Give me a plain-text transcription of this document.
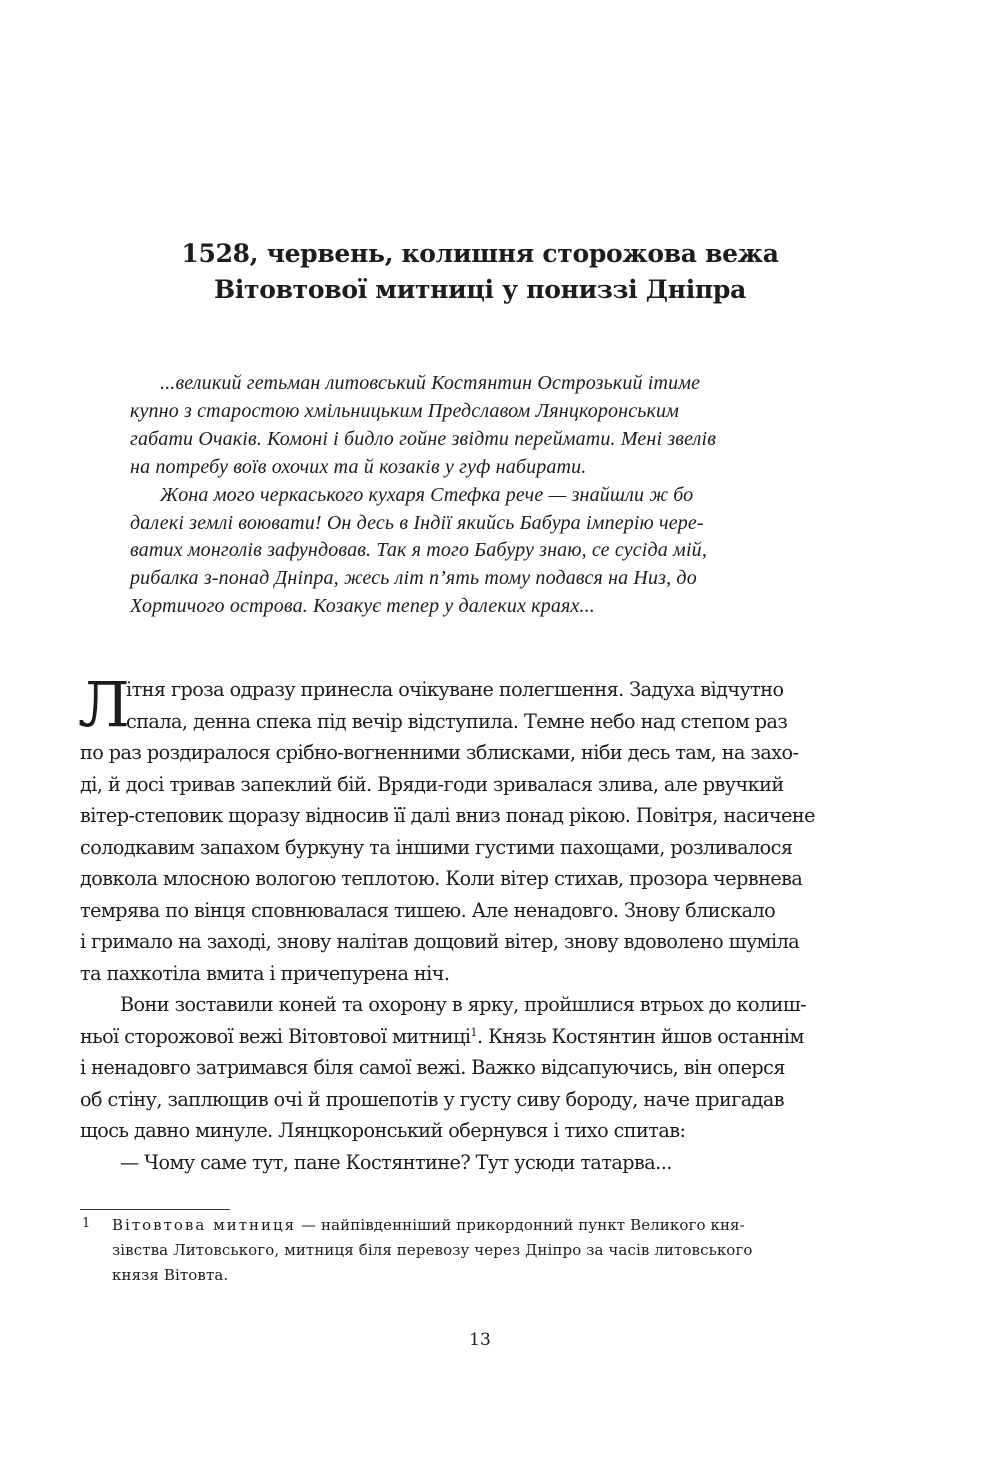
1528, червень, колишня сторожова вежа
Вітовтової митниці у пониззі Дніпра

...великий гетьман литовський Костянтин Острозький ітиме
купно з старостою хмільницьким Предславом Лянцкоронським
габати Очаків. Комоні і бидло гойне звідти переймати. Мені звелів
на потребу воїв охочих та й козаків у гуф набирати.

Жона мого черкаського кухаря Стефка рече — знайшли ж бо
далекі землі воювати! Он десь в Індії якийсь Бабура імперію чере-
ватих монголів зафундовав. Так я того Бабуру знаю, се сусіда мій,
рибалка з-понад Дніпра, жесь літ п’ять тому подався на Низ, до
Хортичого острова. Козакує тепер у далеких краях...

Л
ітня гроза одразу принесла очікуване полегшення. Задуха відчутно
спала, денна спека під вечір відступила. Темне небо над степом раз
по раз роздиралося срібно-вогненними зблисками, ніби десь там, на захо-
ді, й досі тривав запеклий бій. Вряди-годи зривалася злива, але рвучкий
вітер-степовик щоразу відносив її далі вниз понад рікою. Повітря, насичене
солодкавим запахом буркуну та іншими густими пахощами, розливалося
довкола млосною вологою теплотою. Коли вітер стихав, прозора червнева
темрява по вінця сповнювалася тишею. Але ненадовго. Знову блискало
і гримало на заході, знову налітав дощовий вітер, знову вдоволено шуміла
та пахкотіла вмита і причепурена ніч.

Вони зоставили коней та охорону в ярку, пройшлися втрьох до колиш-
ньої сторожової вежі Вітовтової митниці$^1$. Князь Костянтин йшов останнім
і ненадовго затримався біля самої вежі. Важко відсапуючись, він оперся
об стіну, заплющив очі й прошепотів у густу сиву бороду, наче пригадав
щось давно минуле. Лянцкоронський обернувся і тихо спитав:

— Чому саме тут, пане Костянтине? Тут усюди татарва...

1 Вітовтова митниця — найпівденніший прикордонний пункт Великого кня-
зівства Литовського, митниця біля перевозу через Дніпро за часів литовського
князя Вітовта.
13
